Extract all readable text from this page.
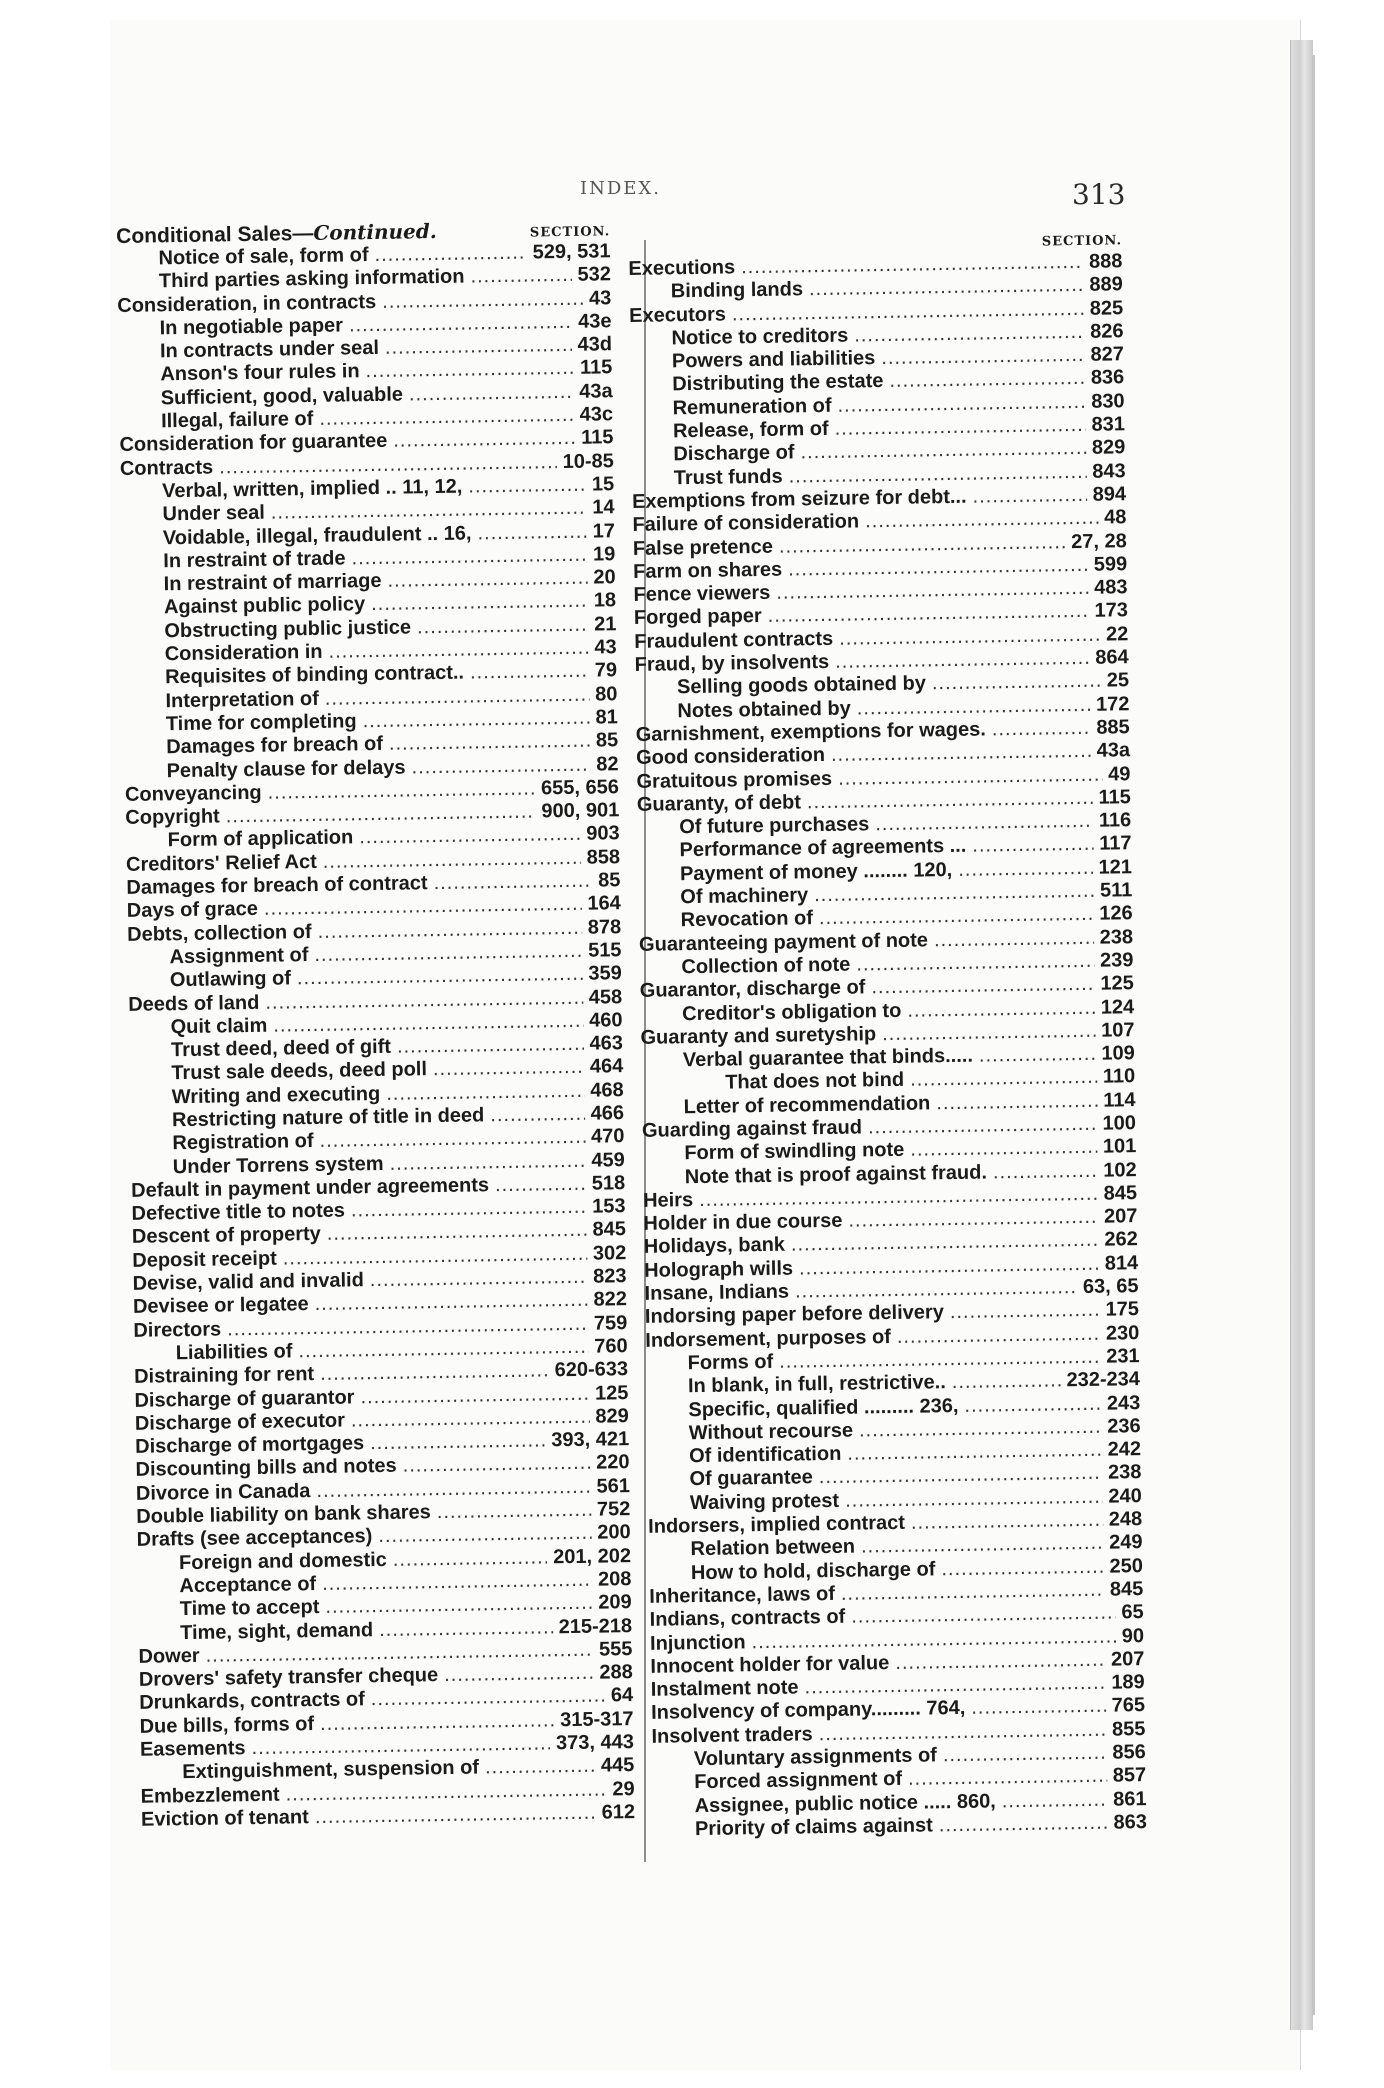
INDEX.	313
Conditional Sales—Continued.	SECTION.
Notice of sale, form of .....	529, 531
Third parties asking information .....	532
Consideration, in contracts .....	43
In negotiable paper .....	43e
In contracts under seal .....	43d
Anson's four rules in .....	115
Sufficient, good, valuable .....	43a
Illegal, failure of .....	43c
Consideration for guarantee .....	115
Contracts .....	10-85
Verbal, written, implied .. 11, 12, .....	15
Under seal .....	14
Voidable, illegal, fraudulent .. 16, .....	17
In restraint of trade .....	19
In restraint of marriage .....	20
Against public policy .....	18
Obstructing public justice .....	21
Consideration in .....	43
Requisites of binding contract.. .....	79
Interpretation of .....	80
Time for completing .....	81
Damages for breach of .....	85
Penalty clause for delays .....	82
Conveyancing .....	655, 656
Copyright .....	900, 901
Form of application .....	903
Creditors' Relief Act .....	858
Damages for breach of contract .....	85
Days of grace .....	164
Debts, collection of .....	878
Assignment of .....	515
Outlawing of .....	359
Deeds of land .....	458
Quit claim .....	460
Trust deed, deed of gift .....	463
Trust sale deeds, deed poll .....	464
Writing and executing .....	468
Restricting nature of title in deed .....	466
Registration of .....	470
Under Torrens system .....	459
Default in payment under agreements .....	518
Defective title to notes .....	153
Descent of property .....	845
Deposit receipt .....	302
Devise, valid and invalid .....	823
Devisee or legatee .....	822
Directors .....	759
Liabilities of .....	760
Distraining for rent .....	620-633
Discharge of guarantor .....	125
Discharge of executor .....	829
Discharge of mortgages .....	393, 421
Discounting bills and notes .....	220
Divorce in Canada .....	561
Double liability on bank shares .....	752
Drafts (see acceptances) .....	200
Foreign and domestic .....	201, 202
Acceptance of .....	208
Time to accept .....	209
Time, sight, demand .....	215-218
Dower .....	555
Drovers' safety transfer cheque .....	288
Drunkards, contracts of .....	64
Due bills, forms of .....	315-317
Easements .....	373, 443
Extinguishment, suspension of .....	445
Embezzlement .....	29
Eviction of tenant .....	612
SECTION.
Executions .....	888
Binding lands .....	889
Executors .....	825
Notice to creditors .....	826
Powers and liabilities .....	827
Distributing the estate .....	836
Remuneration of .....	830
Release, form of .....	831
Discharge of .....	829
Trust funds .....	843
Exemptions from seizure for debt... .....	894
Failure of consideration .....	48
False pretence .....	27, 28
Farm on shares .....	599
Fence viewers .....	483
Forged paper .....	173
Fraudulent contracts .....	22
Fraud, by insolvents .....	864
Selling goods obtained by .....	25
Notes obtained by .....	172
Garnishment, exemptions for wages. .....	885
Good consideration .....	43a
Gratuitous promises .....	49
Guaranty, of debt .....	115
Of future purchases .....	116
Performance of agreements ... .....	117
Payment of money ........ 120, .....	121
Of machinery .....	511
Revocation of .....	126
Guaranteeing payment of note .....	238
Collection of note .....	239
Guarantor, discharge of .....	125
Creditor's obligation to .....	124
Guaranty and suretyship .....	107
Verbal guarantee that binds..... .....	109
That does not bind .....	110
Letter of recommendation .....	114
Guarding against fraud .....	100
Form of swindling note .....	101
Note that is proof against fraud. .....	102
Heirs .....	845
Holder in due course .....	207
Holidays, bank .....	262
Holograph wills .....	814
Insane, Indians .....	63, 65
Indorsing paper before delivery .....	175
Indorsement, purposes of .....	230
Forms of .....	231
In blank, in full, restrictive.. .....	232-234
Specific, qualified ......... 236, .....	243
Without recourse .....	236
Of identification .....	242
Of guarantee .....	238
Waiving protest .....	240
Indorsers, implied contract .....	248
Relation between .....	249
How to hold, discharge of .....	250
Inheritance, laws of .....	845
Indians, contracts of .....	65
Injunction .....	90
Innocent holder for value .....	207
Instalment note .....	189
Insolvency of company......... 764, .....	765
Insolvent traders .....	855
Voluntary assignments of .....	856
Forced assignment of .....	857
Assignee, public notice ..... 860, .....	861
Priority of claims against .....	863
